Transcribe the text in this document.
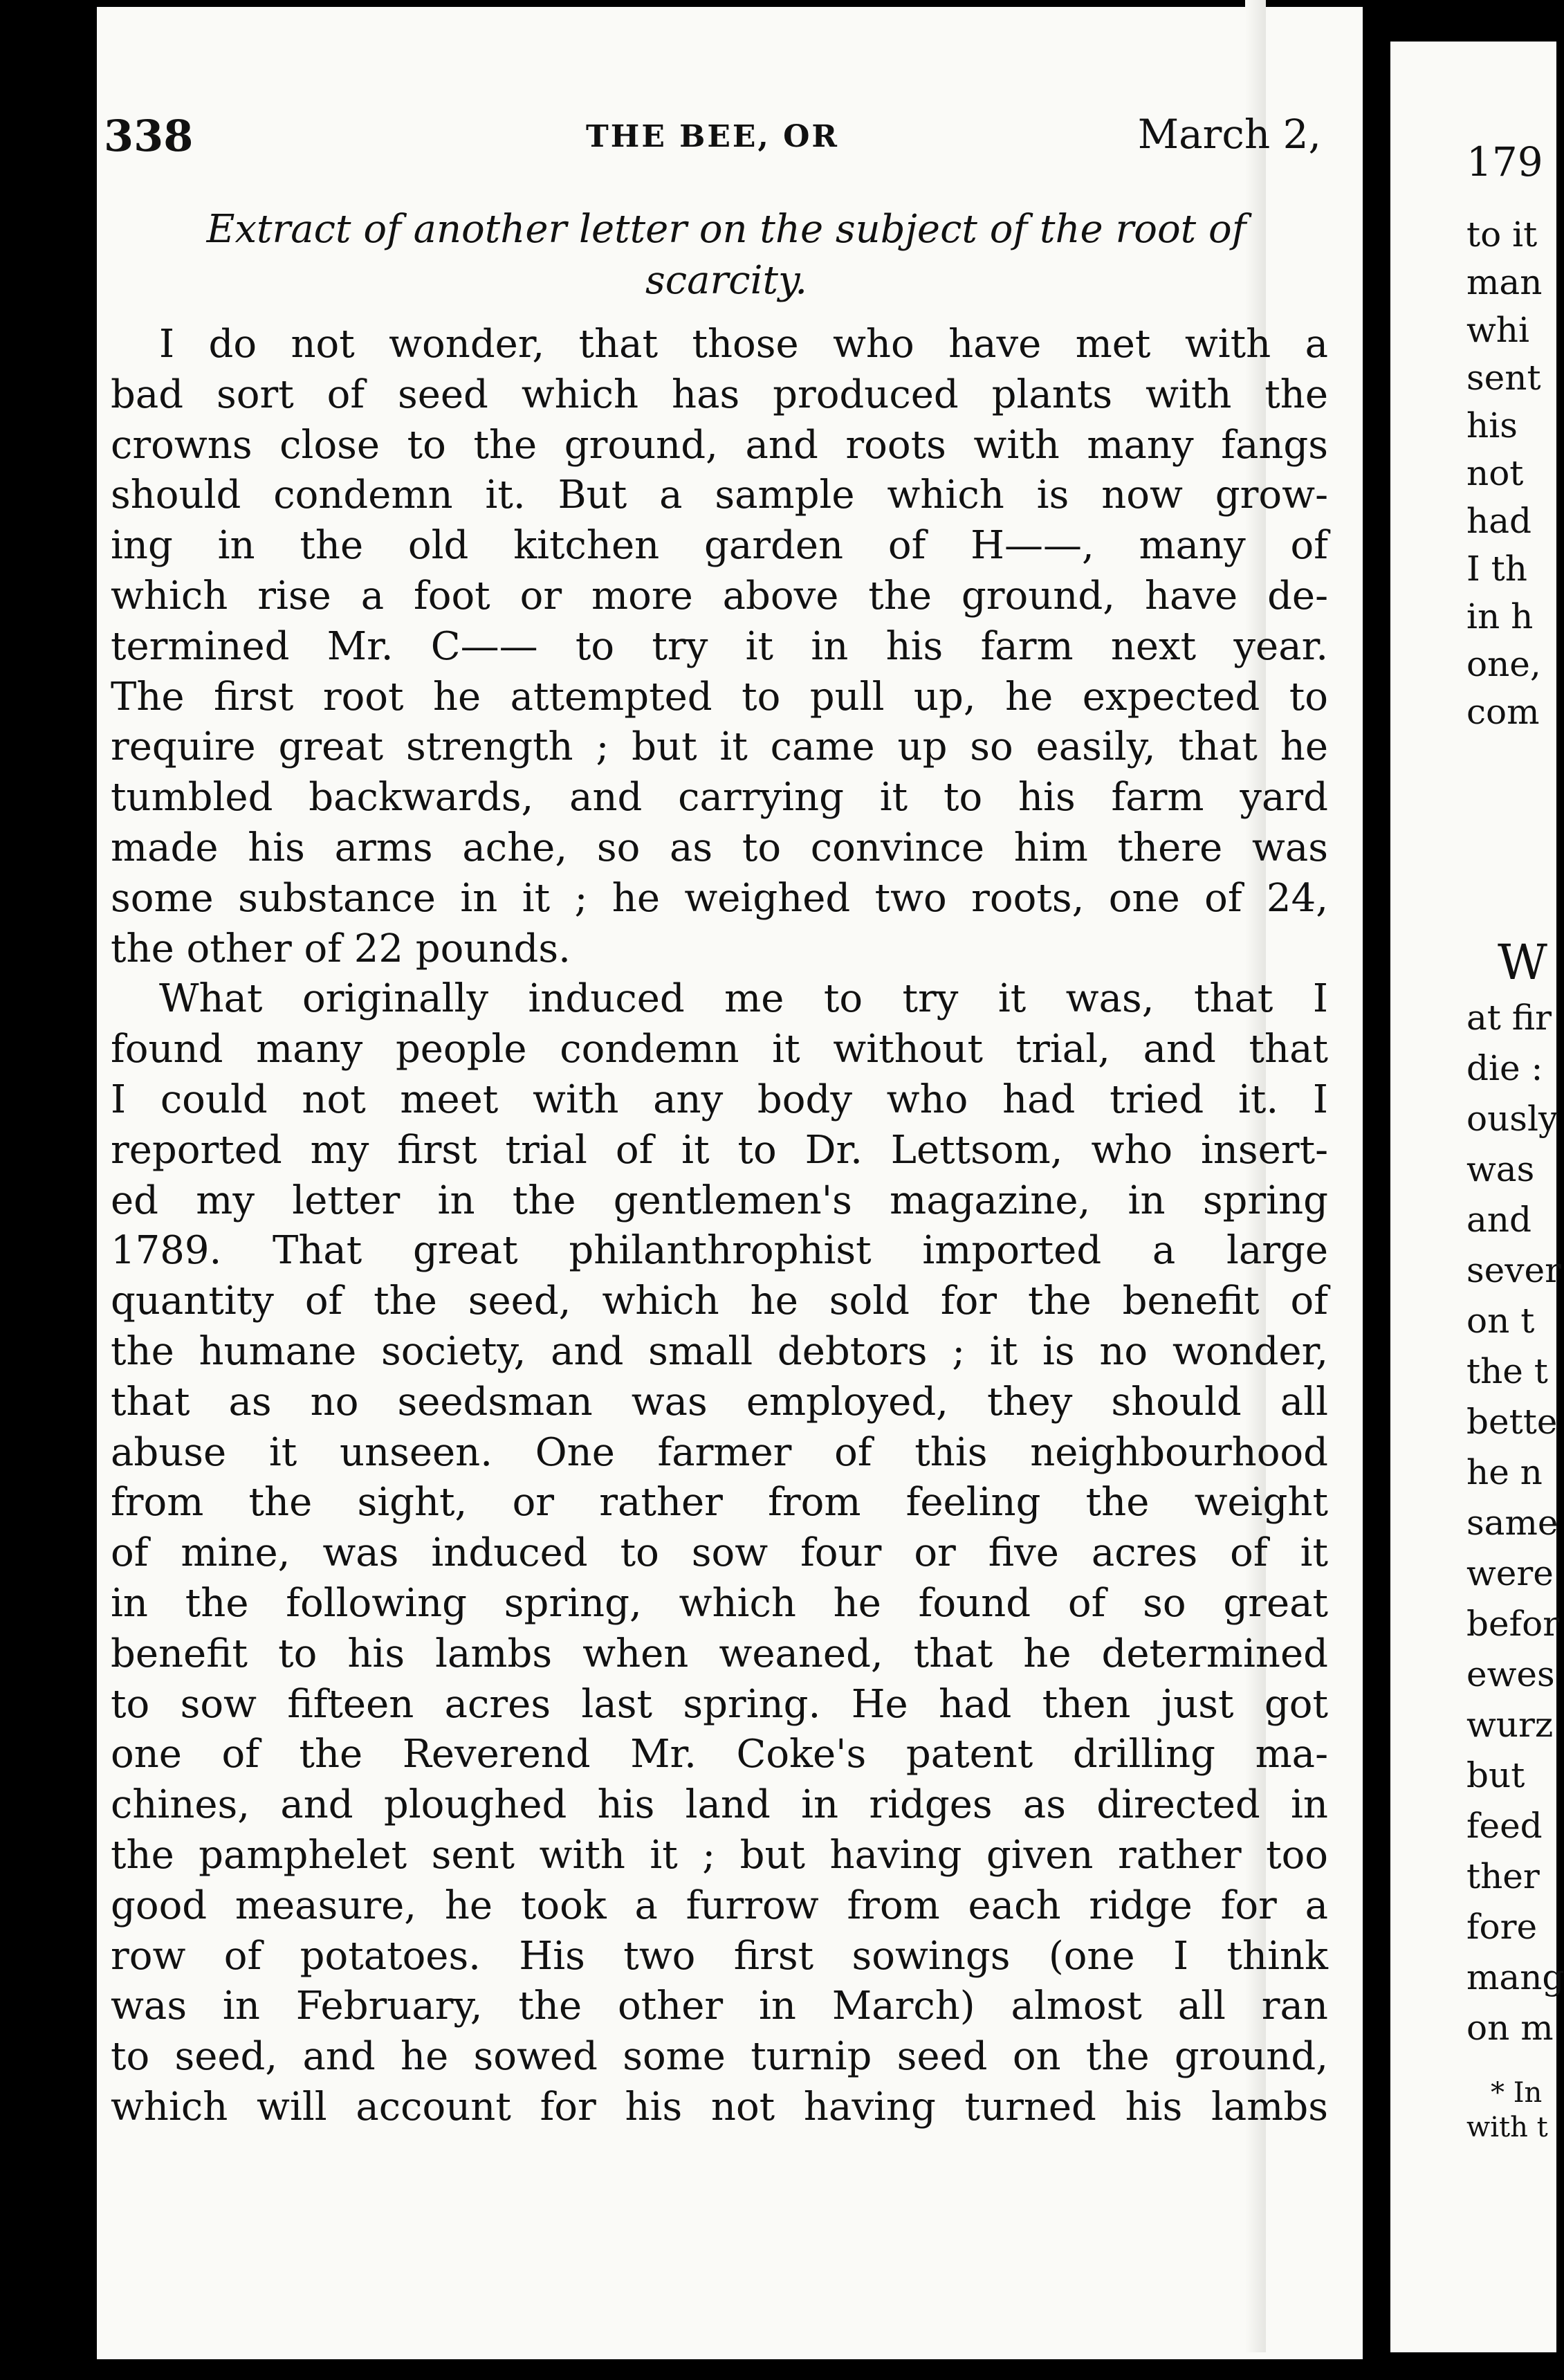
338	THE BEE, OR	March 2,
Extract of another letter on the subject of the root of
scarcity.
I do not wonder, that those who have met with a
bad sort of seed which has produced plants with the
crowns close to the ground, and roots with many fangs
should condemn it. But a sample which is now grow-
ing in the old kitchen garden of H——, many of
which rise a foot or more above the ground, have de-
termined Mr. C—— to try it in his farm next year.
The first root he attempted to pull up, he expected to
require great strength ; but it came up so easily, that he
tumbled backwards, and carrying it to his farm yard
made his arms ache, so as to convince him there was
some substance in it ; he weighed two roots, one of 24,
the other of 22 pounds.
What originally induced me to try it was, that I
found many people condemn it without trial, and that
I could not meet with any body who had tried it. I
reported my first trial of it to Dr. Lettsom, who insert-
ed my letter in the gentlemen's magazine, in spring
1789. That great philanthrophist imported a large
quantity of the seed, which he sold for the benefit of
the humane society, and small debtors ; it is no wonder,
that as no seedsman was employed, they should all
abuse it unseen. One farmer of this neighbourhood
from the sight, or rather from feeling the weight
of mine, was induced to sow four or five acres of it
in the following spring, which he found of so great
benefit to his lambs when weaned, that he determined
to sow fifteen acres last spring. He had then just got
one of the Reverend Mr. Coke's patent drilling ma-
chines, and ploughed his land in ridges as directed in
the pamphelet sent with it ; but having given rather too
good measure, he took a furrow from each ridge for a
row of potatoes. His two first sowings (one I think
was in February, the other in March) almost all ran
to seed, and he sowed some turnip seed on the ground,
which will account for his not having turned his lambs
179
to it
man
whi
sent
his
not
had
I th
in h
one,
com
W
at fir
die :
ously
was
and
sever
on t
the t
bette
he n
same
were
befor
ewes
wurz
but
feed
ther
fore
mang
on m
* In
with t
